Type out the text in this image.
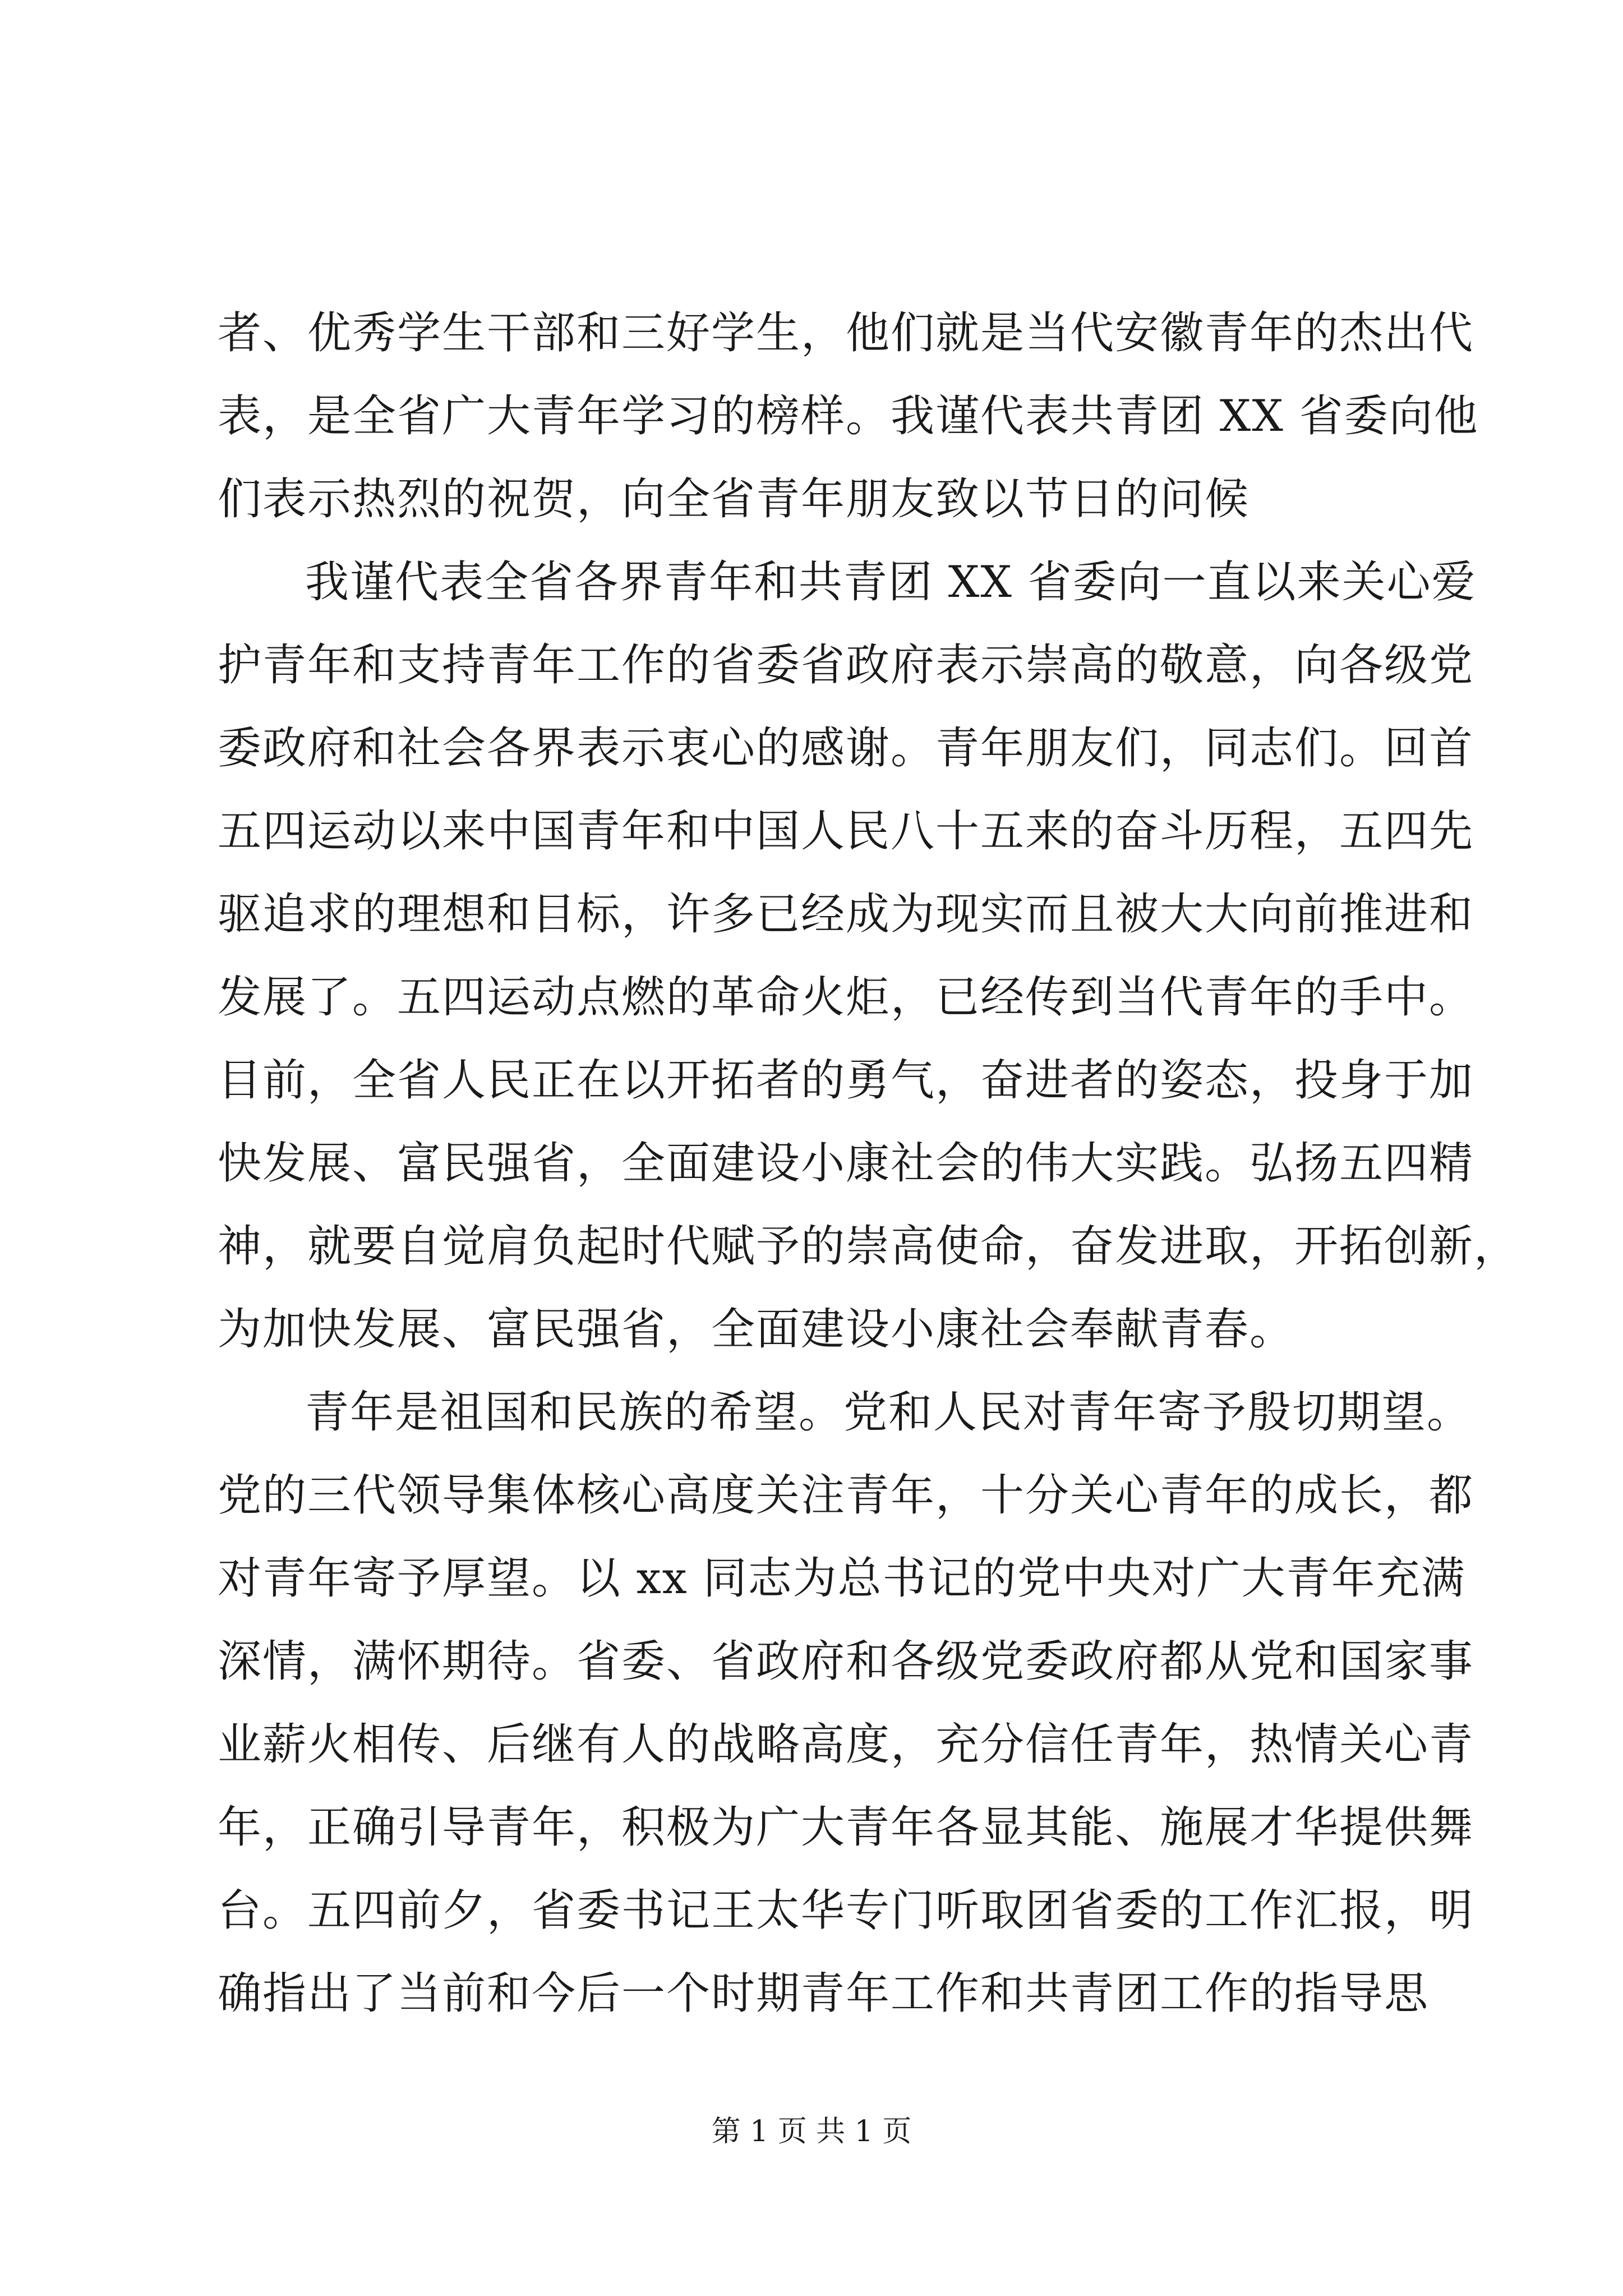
者、优秀学生干部和三好学生，他们就是当代安徽青年的杰出代
表，是全省广大青年学习的榜样。我谨代表共青团 XX 省委向他
们表示热烈的祝贺，向全省青年朋友致以节日的问候
我谨代表全省各界青年和共青团 XX 省委向一直以来关心爱
护青年和支持青年工作的省委省政府表示崇高的敬意，向各级党
委政府和社会各界表示衷心的感谢。青年朋友们，同志们。回首
五四运动以来中国青年和中国人民八十五来的奋斗历程，五四先
驱追求的理想和目标，许多已经成为现实而且被大大向前推进和
发展了。五四运动点燃的革命火炬，已经传到当代青年的手中。
目前，全省人民正在以开拓者的勇气，奋进者的姿态，投身于加
快发展、富民强省，全面建设小康社会的伟大实践。弘扬五四精
神，就要自觉肩负起时代赋予的崇高使命，奋发进取，开拓创新，
为加快发展、富民强省，全面建设小康社会奉献青春。
青年是祖国和民族的希望。党和人民对青年寄予殷切期望。
党的三代领导集体核心高度关注青年，十分关心青年的成长，都
对青年寄予厚望。以 xx 同志为总书记的党中央对广大青年充满
深情，满怀期待。省委、省政府和各级党委政府都从党和国家事
业薪火相传、后继有人的战略高度，充分信任青年，热情关心青
年，正确引导青年，积极为广大青年各显其能、施展才华提供舞
台。五四前夕，省委书记王太华专门听取团省委的工作汇报，明
确指出了当前和今后一个时期青年工作和共青团工作的指导思
第 1 页 共 1 页
